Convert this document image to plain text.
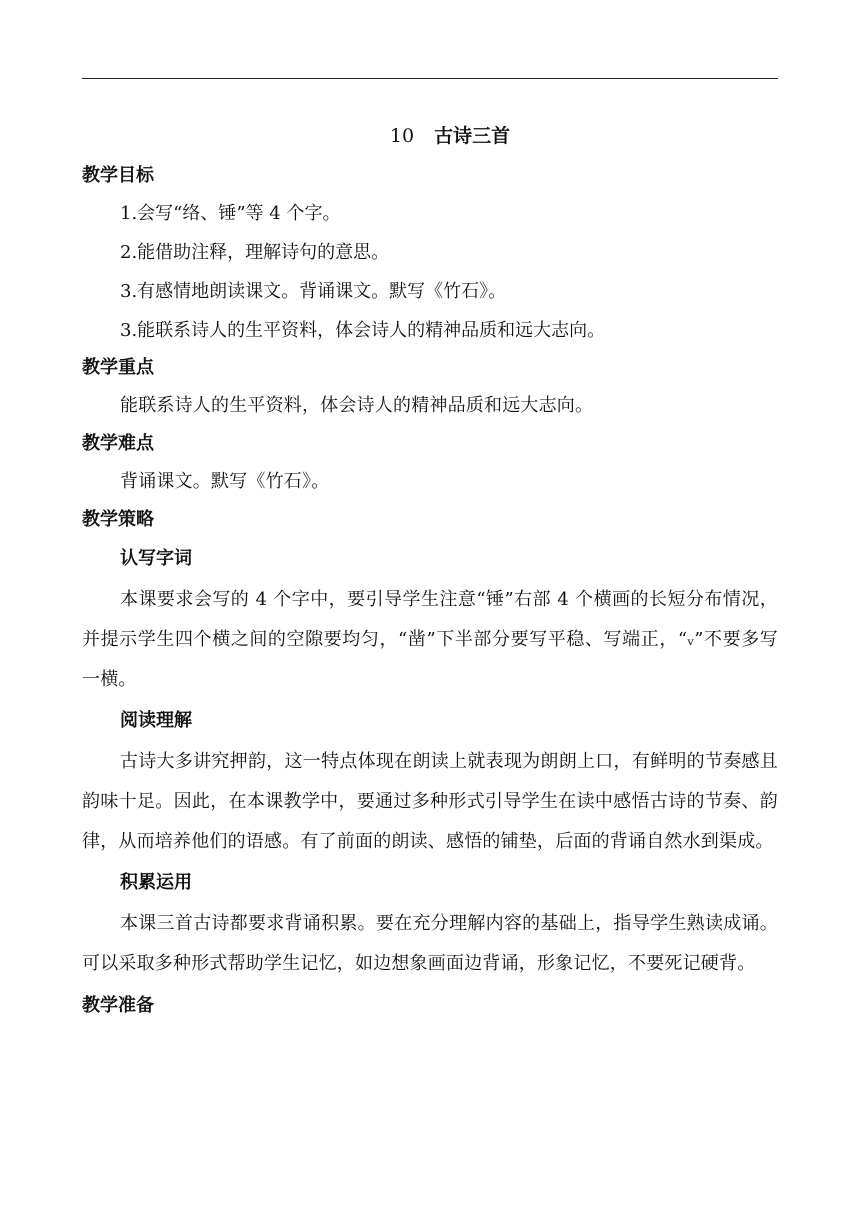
10 古诗三首
教学目标
1.会写“络、锤”等 4 个字。
2.能借助注释，理解诗句的意思。
3.有感情地朗读课文。背诵课文。默写《竹石》。
3.能联系诗人的生平资料，体会诗人的精神品质和远大志向。
教学重点

能联系诗人的生平资料，体会诗人的精神品质和远大志向。

教学难点

背诵课文。默写《竹石》。

教学策略
认写字词

本课要求会写的 4 个字中，要引导学生注意“锤”右部 4 个横画的长短分布情况，并提示学生四个横之间的空隙要均匀，“凿”下半部分要写平稳、写端正，“ᵥ”不要多写一横。

阅读理解

古诗大多讲究押韵，这一特点体现在朗读上就表现为朗朗上口，有鲜明的节奏感且韵味十足。因此，在本课教学中，要通过多种形式引导学生在读中感悟古诗的节奏、韵律，从而培养他们的语感。有了前面的朗读、感悟的铺垫，后面的背诵自然水到渠成。

积累运用

本课三首古诗都要求背诵积累。要在充分理解内容的基础上，指导学生熟读成诵。可以采取多种形式帮助学生记忆，如边想象画面边背诵，形象记忆，不要死记硬背。

教学准备
